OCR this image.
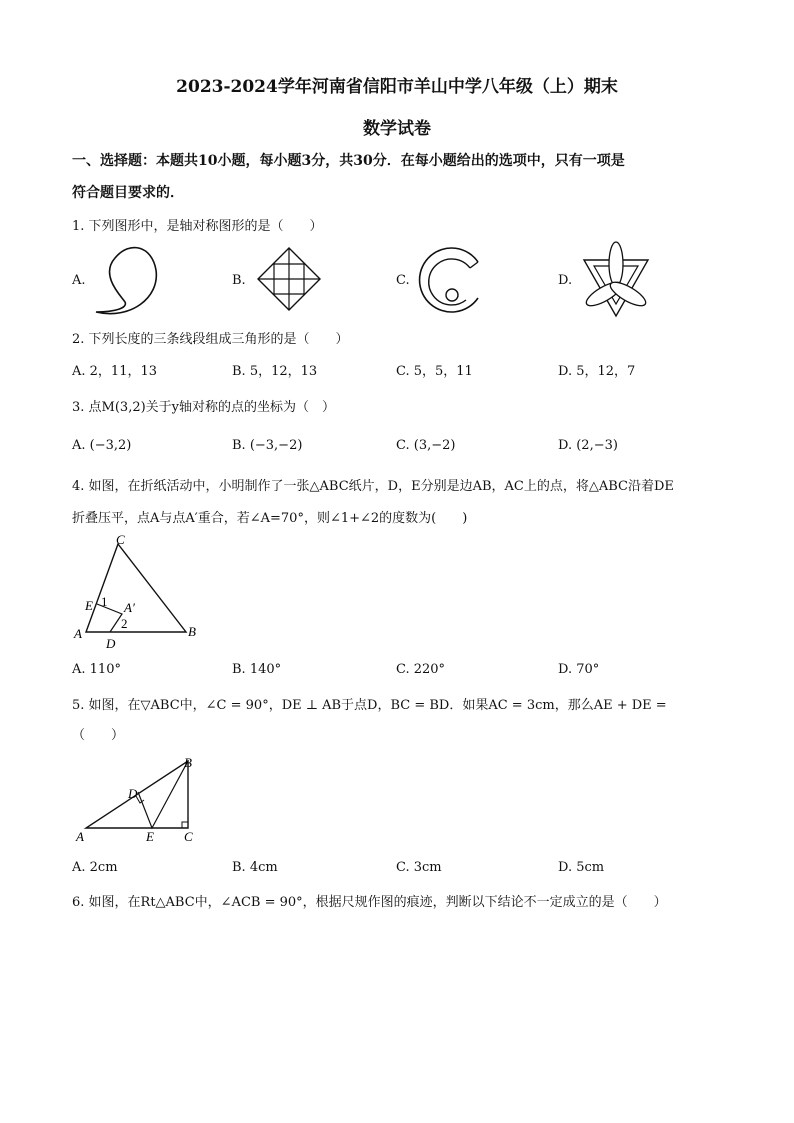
2023-2024学年河南省信阳市羊山中学八年级（上）期末
数学试卷
一、选择题：本题共10小题，每小题3分，共30分．在每小题给出的选项中，只有一项是
符合题目要求的．
1. 下列图形中，是轴对称图形的是（　　）
A.	B.	C.	D.
2. 下列长度的三条线段组成三角形的是（　　）
A. 2，11，13	B. 5，12，13	C. 5，5，11	D. 5，12，7
3. 点M(3,2)关于y轴对称的点的坐标为（　）
A. (−3,2)	B. (−3,−2)	C. (3,−2)	D. (2,−3)
4. 如图，在折纸活动中，小明制作了一张△ABC纸片，D，E分别是边AB，AC上的点，将△ABC沿着DE
折叠压平，点A与点A′重合，若∠A=70°，则∠1+∠2的度数为(　　)
C
E 1 A′
2
A
D
B
A. 110°	B. 140°	C. 220°	D. 70°
5. 如图，在▽ABC中，∠C = 90°，DE ⊥ AB于点D，BC = BD．如果AC = 3cm，那么AE + DE =
（　　）
B
D
A	E C
A. 2cm	B. 4cm	C. 3cm	D. 5cm
6. 如图，在Rt△ABC中，∠ACB = 90°，根据尺规作图的痕迹，判断以下结论不一定成立的是（　　）
